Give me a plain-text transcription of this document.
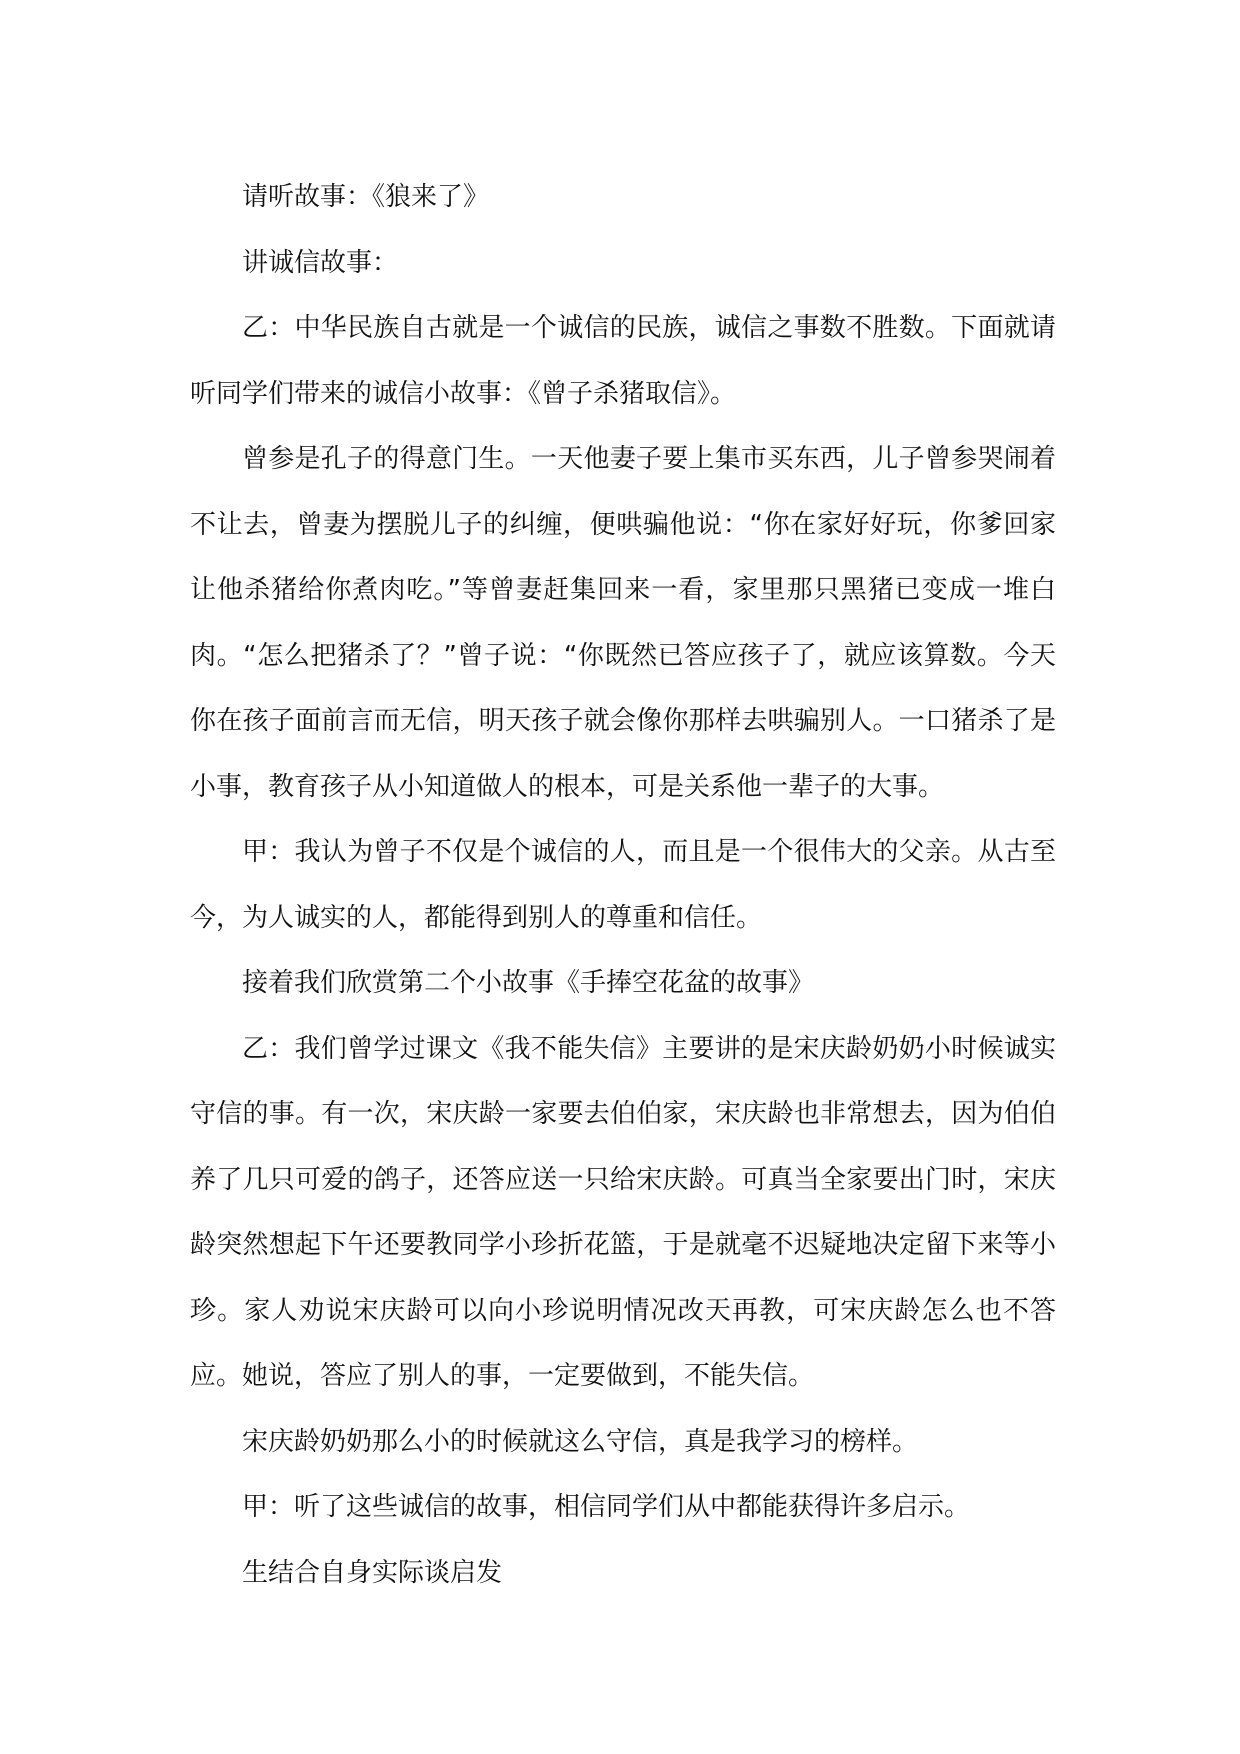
请听故事：《狼来了》

讲诚信故事：

乙：中华民族自古就是一个诚信的民族，诚信之事数不胜数。下面就请听同学们带来的诚信小故事：《曾子杀猪取信》。

曾参是孔子的得意门生。一天他妻子要上集市买东西，儿子曾参哭闹着不让去，曾妻为摆脱儿子的纠缠，便哄骗他说：“你在家好好玩，你爹回家让他杀猪给你煮肉吃。”等曾妻赶集回来一看，家里那只黑猪已变成一堆白肉。“怎么把猪杀了？”曾子说：“你既然已答应孩子了，就应该算数。今天你在孩子面前言而无信，明天孩子就会像你那样去哄骗别人。一口猪杀了是小事，教育孩子从小知道做人的根本，可是关系他一辈子的大事。

甲：我认为曾子不仅是个诚信的人，而且是一个很伟大的父亲。从古至今，为人诚实的人，都能得到别人的尊重和信任。

接着我们欣赏第二个小故事《手捧空花盆的故事》

乙：我们曾学过课文《我不能失信》主要讲的是宋庆龄奶奶小时候诚实守信的事。有一次，宋庆龄一家要去伯伯家，宋庆龄也非常想去，因为伯伯养了几只可爱的鸽子，还答应送一只给宋庆龄。可真当全家要出门时，宋庆龄突然想起下午还要教同学小珍折花篮，于是就毫不迟疑地决定留下来等小珍。家人劝说宋庆龄可以向小珍说明情况改天再教，可宋庆龄怎么也不答应。她说，答应了别人的事，一定要做到，不能失信。

宋庆龄奶奶那么小的时候就这么守信，真是我学习的榜样。

甲：听了这些诚信的故事，相信同学们从中都能获得许多启示。

生结合自身实际谈启发
